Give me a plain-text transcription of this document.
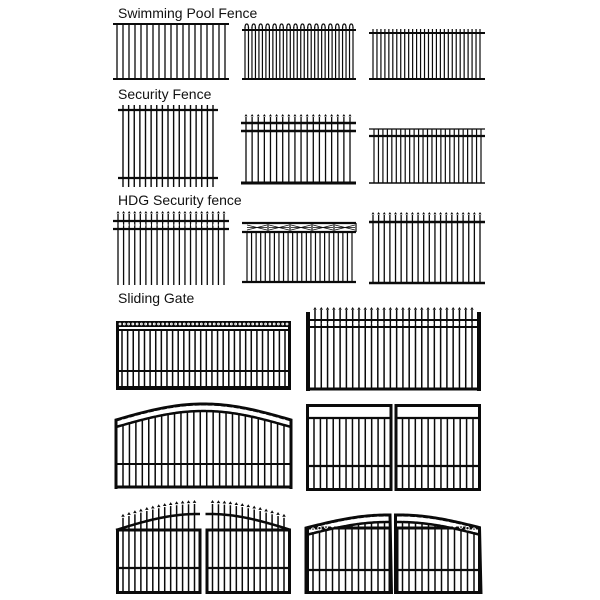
Swimming Pool Fence
Security Fence
HDG Security fence
Sliding Gate
